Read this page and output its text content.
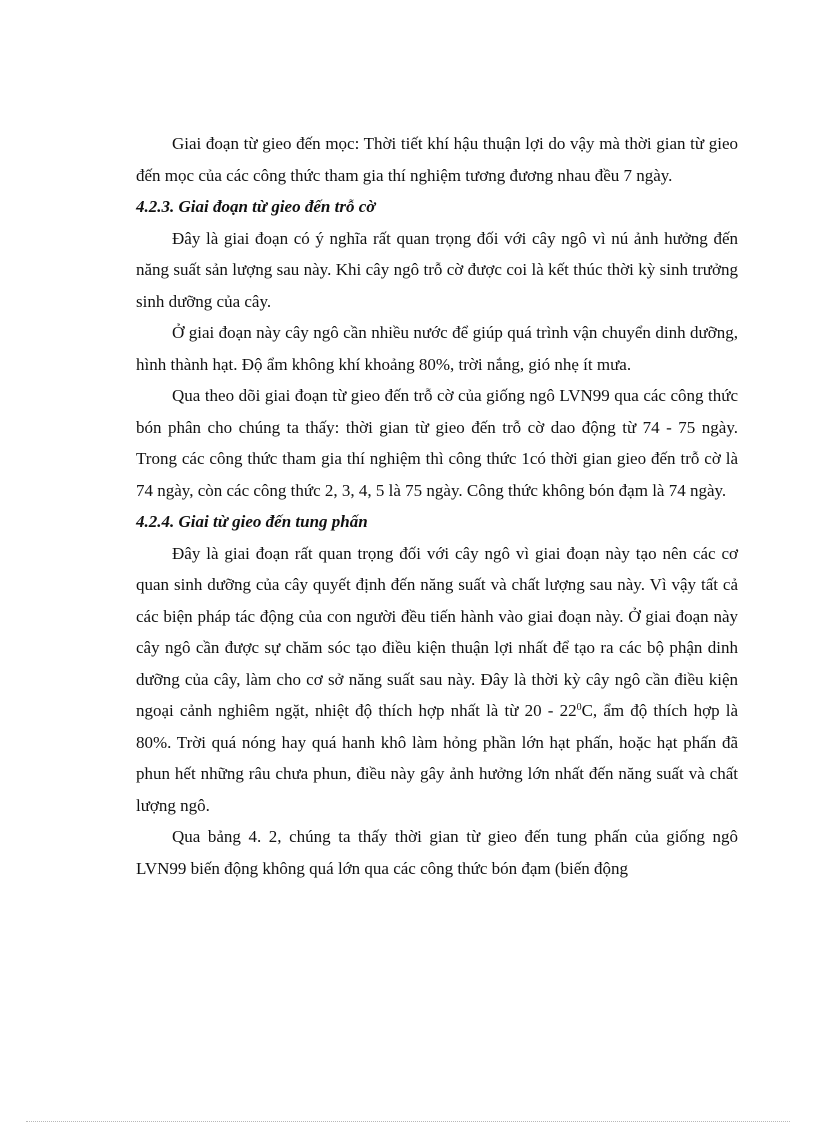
Giai đoạn từ gieo đến mọc: Thời tiết khí hậu thuận lợi do vậy mà thời gian từ gieo đến mọc của các công thức tham gia thí nghiệm tương đương nhau đều 7 ngày.

4.2.3. Giai đoạn từ gieo đến trỗ cờ

Đây là giai đoạn có ý nghĩa rất quan trọng đối với cây ngô vì nú ảnh hưởng đến năng suất sản lượng sau này. Khi cây ngô trỗ cờ được coi là kết thúc thời kỳ sinh trưởng sinh dưỡng của cây.

Ở giai đoạn này cây ngô cần nhiều nước để giúp quá trình vận chuyển dinh dưỡng, hình thành hạt. Độ ẩm không khí khoảng 80%, trời nắng, gió nhẹ ít mưa.

Qua theo dõi giai đoạn từ gieo đến trỗ cờ của giống ngô LVN99 qua các công thức bón phân cho chúng ta thấy: thời gian từ gieo đến trỗ cờ dao động từ 74 - 75 ngày. Trong các công thức tham gia thí nghiệm thì công thức 1có thời gian gieo đến trỗ cờ là 74 ngày, còn các công thức 2, 3, 4, 5 là 75 ngày. Công thức không bón đạm là 74 ngày.

4.2.4. Giai từ gieo đến tung phấn

Đây là giai đoạn rất quan trọng đối với cây ngô vì giai đoạn này tạo nên các cơ quan sinh dưỡng của cây quyết định đến năng suất và chất lượng sau này. Vì vậy tất cả các biện pháp tác động của con người đều tiến hành vào giai đoạn này. Ở giai đoạn này cây ngô cần được sự chăm sóc tạo điều kiện thuận lợi nhất để tạo ra các bộ phận dinh dưỡng của cây, làm cho cơ sở năng suất sau này. Đây là thời kỳ cây ngô cần điều kiện ngoại cảnh nghiêm ngặt, nhiệt độ thích hợp nhất là từ $20 - 22^0C$, ẩm độ thích hợp là 80%. Trời quá nóng hay quá hanh khô làm hỏng phần lớn hạt phấn, hoặc hạt phấn đã phun hết những râu chưa phun, điều này gây ảnh hưởng lớn nhất đến năng suất và chất lượng ngô.

Qua bảng 4. 2, chúng ta thấy thời gian từ gieo đến tung phấn của giống ngô LVN99 biến động không quá lớn qua các công thức bón đạm (biến động
